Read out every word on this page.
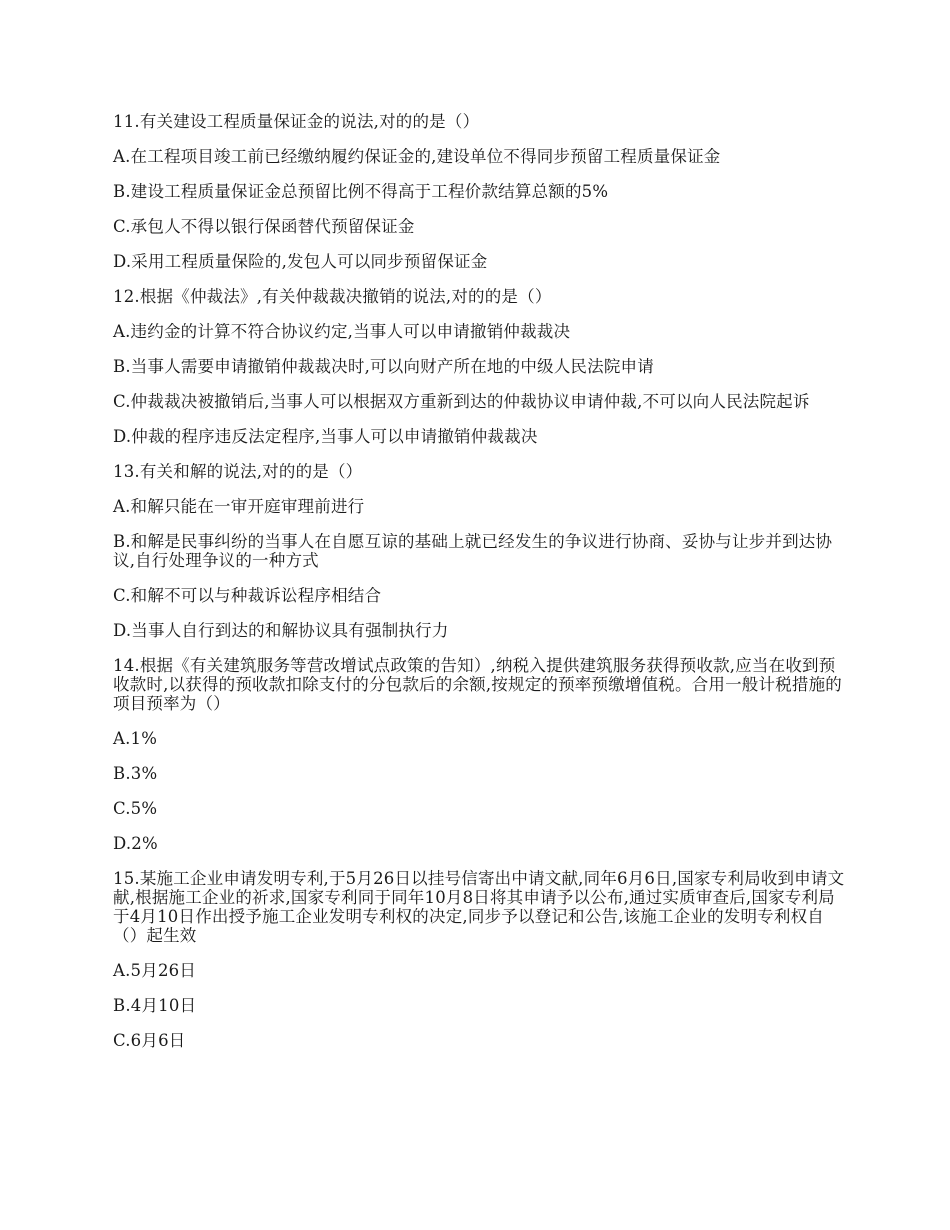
11.有关建设工程质量保证金的说法,对的的是（）
A.在工程项目竣工前已经缴纳履约保证金的,建设单位不得同步预留工程质量保证金
B.建设工程质量保证金总预留比例不得高于工程价款结算总额的5%
C.承包人不得以银行保函替代预留保证金
D.采用工程质量保险的,发包人可以同步预留保证金
12.根据《仲裁法》,有关仲裁裁决撤销的说法,对的的是（）
A.违约金的计算不符合协议约定,当事人可以申请撤销仲裁裁决
B.当事人需要申请撤销仲裁裁决时,可以向财产所在地的中级人民法院申请
C.仲裁裁决被撤销后,当事人可以根据双方重新到达的仲裁协议申请仲裁,不可以向人民法院起诉
D.仲裁的程序违反法定程序,当事人可以申请撤销仲裁裁决
13.有关和解的说法,对的的是（）
A.和解只能在一审开庭审理前进行
B.和解是民事纠纷的当事人在自愿互谅的基础上就已经发生的争议进行协商、妥协与让步并到达协议,自行处理争议的一种方式
C.和解不可以与种裁诉讼程序相结合
D.当事人自行到达的和解协议具有强制执行力
14.根据《有关建筑服务等营改增试点政策的告知）,纳税入提供建筑服务获得预收款,应当在收到预收款时,以获得的预收款扣除支付的分包款后的余额,按规定的预率预缴增值税。合用一般计税措施的项目预率为（）
A.1%
B.3%
C.5%
D.2%
15.某施工企业申请发明专利,于5月26日以挂号信寄出中请文献,同年6月6日,国家专利局收到申请文献,根据施工企业的祈求,国家专利同于同年10月8日将其申请予以公布,通过实质审查后,国家专利局于4月10日作出授予施工企业发明专利权的决定,同步予以登记和公告,该施工企业的发明专利权自（）起生效
A.5月26日
B.4月10日
C.6月6日
